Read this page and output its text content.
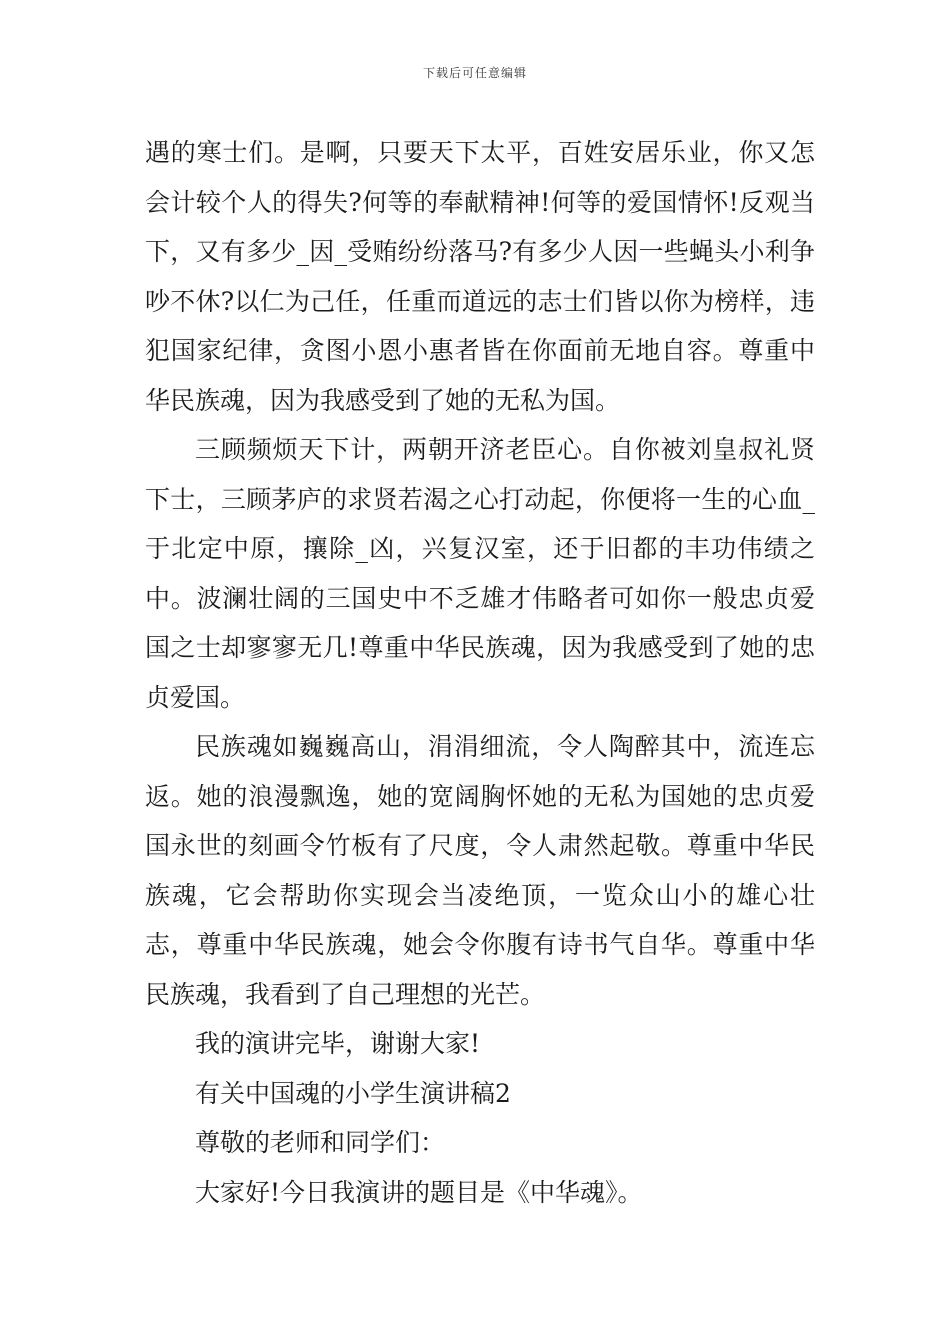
下载后可任意编辑

遇的寒士们。是啊，只要天下太平，百姓安居乐业，你又怎会计较个人的得失?何等的奉献精神!何等的爱国情怀!反观当下，又有多少_因_受贿纷纷落马?有多少人因一些蝇头小利争吵不休?以仁为己任，任重而道远的志士们皆以你为榜样，违犯国家纪律，贪图小恩小惠者皆在你面前无地自容。尊重中华民族魂，因为我感受到了她的无私为国。

三顾频烦天下计，两朝开济老臣心。自你被刘皇叔礼贤下士，三顾茅庐的求贤若渴之心打动起，你便将一生的心血_于北定中原，攘除_凶，兴复汉室，还于旧都的丰功伟绩之中。波澜壮阔的三国史中不乏雄才伟略者可如你一般忠贞爱国之士却寥寥无几!尊重中华民族魂，因为我感受到了她的忠贞爱国。

民族魂如巍巍高山，涓涓细流，令人陶醉其中，流连忘返。她的浪漫飘逸，她的宽阔胸怀她的无私为国她的忠贞爱国永世的刻画令竹板有了尺度，令人肃然起敬。尊重中华民族魂，它会帮助你实现会当凌绝顶，一览众山小的雄心壮志，尊重中华民族魂，她会令你腹有诗书气自华。尊重中华民族魂，我看到了自己理想的光芒。

我的演讲完毕，谢谢大家!

有关中国魂的小学生演讲稿2

尊敬的老师和同学们：

大家好!今日我演讲的题目是《中华魂》。
